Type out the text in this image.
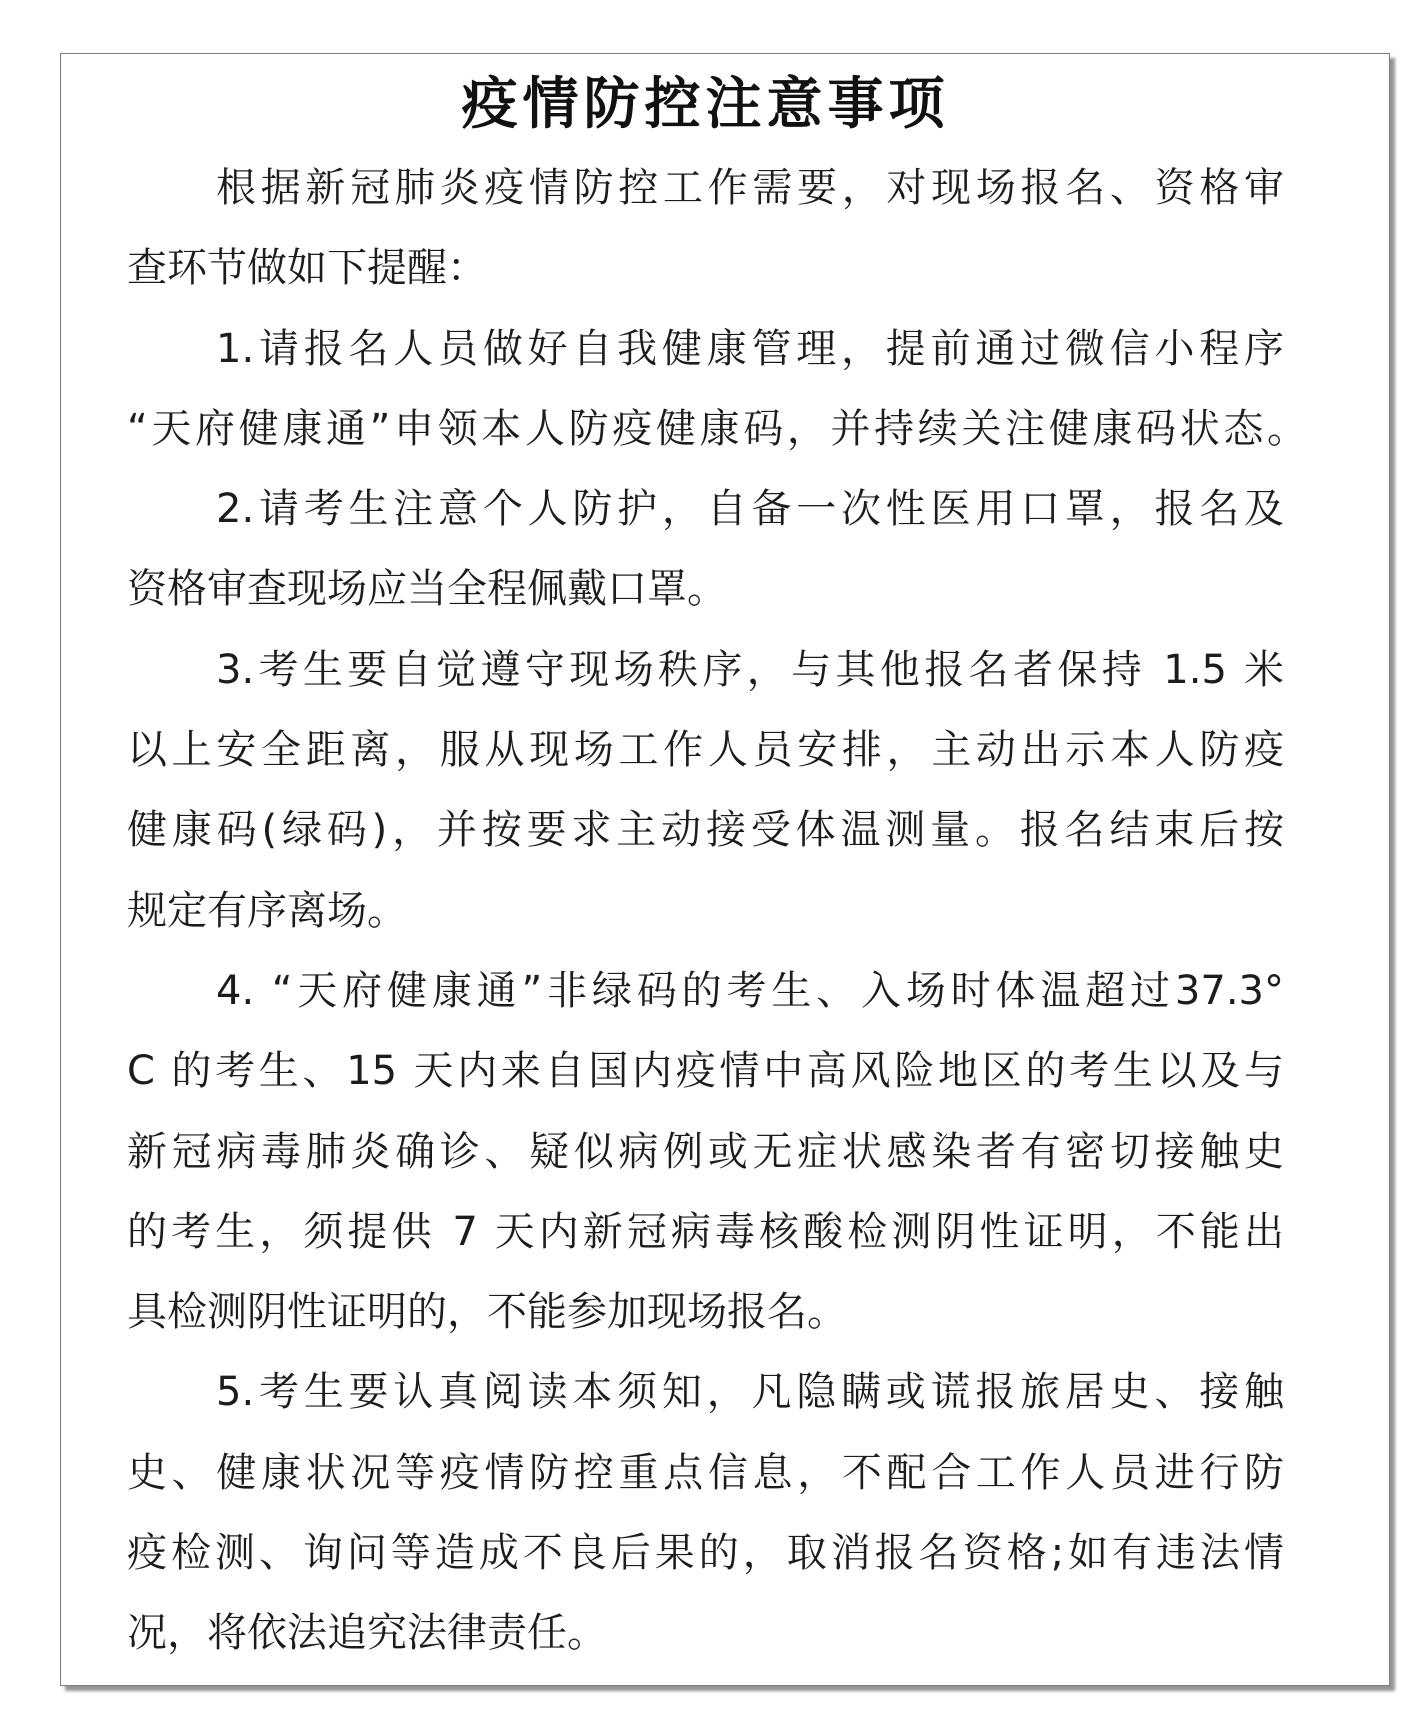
疫情防控注意事项
根据新冠肺炎疫情防控工作需要，对现场报名、资格审
查环节做如下提醒：
1.请报名人员做好自我健康管理，提前通过微信小程序
“天府健康通”申领本人防疫健康码，并持续关注健康码状态。
2.请考生注意个人防护，自备一次性医用口罩，报名及
资格审查现场应当全程佩戴口罩。
3.考生要自觉遵守现场秩序，与其他报名者保持 1.5 米
以上安全距离，服从现场工作人员安排，主动出示本人防疫
健康码(绿码)，并按要求主动接受体温测量。报名结束后按
规定有序离场。
4. “天府健康通”非绿码的考生、入场时体温超过37.3°
C 的考生、15 天内来自国内疫情中高风险地区的考生以及与
新冠病毒肺炎确诊、疑似病例或无症状感染者有密切接触史
的考生，须提供 7 天内新冠病毒核酸检测阴性证明，不能出
具检测阴性证明的，不能参加现场报名。
5.考生要认真阅读本须知，凡隐瞒或谎报旅居史、接触
史、健康状况等疫情防控重点信息，不配合工作人员进行防
疫检测、询问等造成不良后果的，取消报名资格;如有违法情
况，将依法追究法律责任。
